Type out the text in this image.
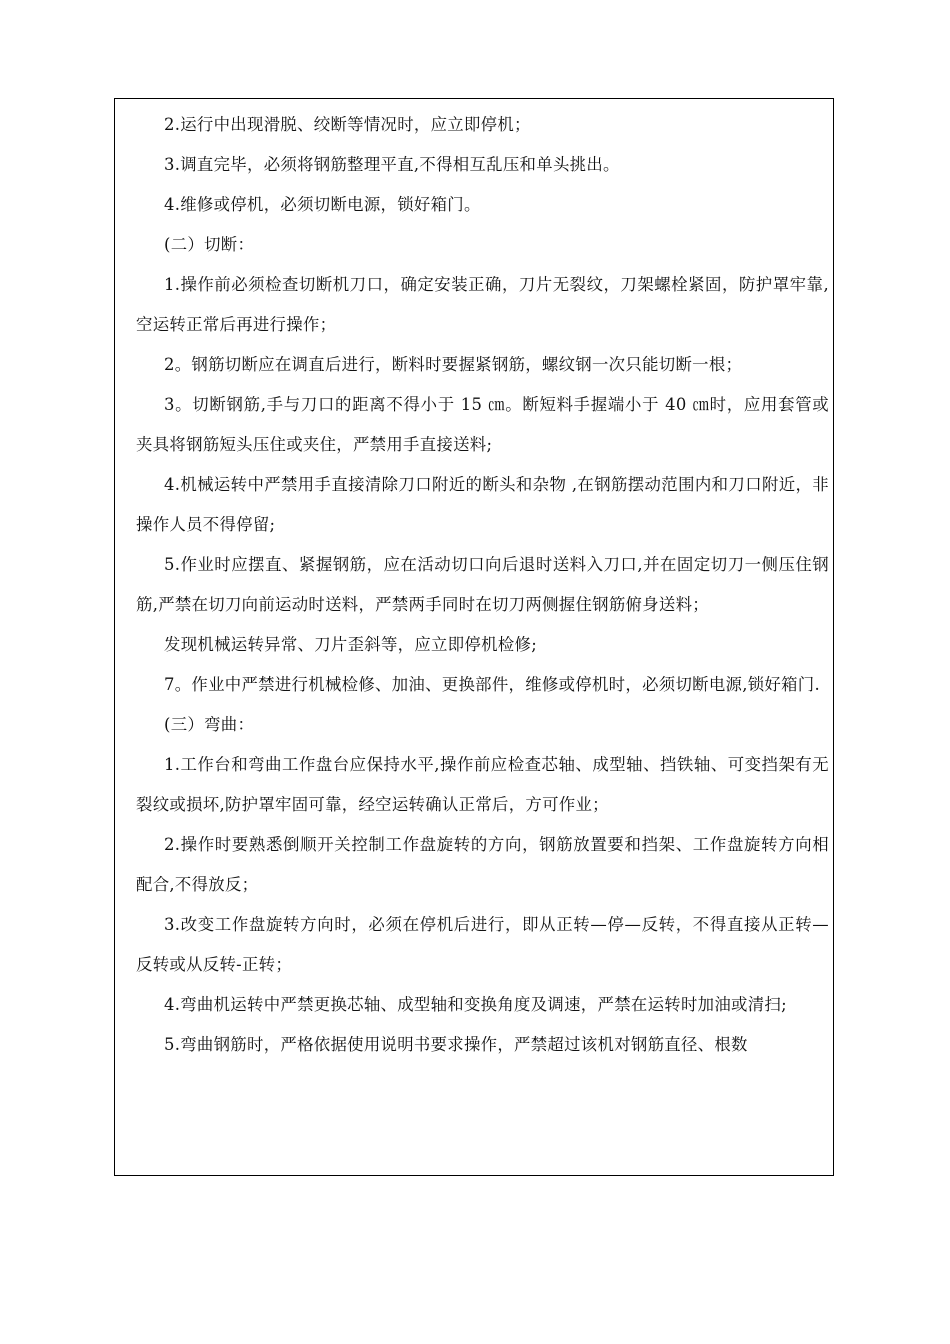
2.运行中出现滑脱、绞断等情况时，应立即停机；

3.调直完毕，必须将钢筋整理平直,不得相互乱压和单头挑出。

4.维修或停机，必须切断电源，锁好箱门。

(二）切断：

1.操作前必须检查切断机刀口，确定安装正确，刀片无裂纹，刀架螺栓紧固，防护罩牢靠,空运转正常后再进行操作；

2。钢筋切断应在调直后进行，断料时要握紧钢筋，螺纹钢一次只能切断一根；

3。切断钢筋,手与刀口的距离不得小于 15 ㎝。断短料手握端小于 40 ㎝时，应用套管或夹具将钢筋短头压住或夹住，严禁用手直接送料;

4.机械运转中严禁用手直接清除刀口附近的断头和杂物 ,在钢筋摆动范围内和刀口附近，非操作人员不得停留;

5.作业时应摆直、紧握钢筋，应在活动切口向后退时送料入刀口,并在固定切刀一侧压住钢筋,严禁在切刀向前运动时送料，严禁两手同时在切刀两侧握住钢筋俯身送料；

发现机械运转异常、刀片歪斜等，应立即停机检修;

7。作业中严禁进行机械检修、加油、更换部件，维修或停机时，必须切断电源,锁好箱门.

(三）弯曲：

1.工作台和弯曲工作盘台应保持水平,操作前应检查芯轴、成型轴、挡铁轴、可变挡架有无裂纹或损坏,防护罩牢固可靠，经空运转确认正常后，方可作业；

2.操作时要熟悉倒顺开关控制工作盘旋转的方向，钢筋放置要和挡架、工作盘旋转方向相配合,不得放反；

3.改变工作盘旋转方向时，必须在停机后进行，即从正转—停—反转，不得直接从正转—反转或从反转-正转；

4.弯曲机运转中严禁更换芯轴、成型轴和变换角度及调速，严禁在运转时加油或清扫;

5.弯曲钢筋时，严格依据使用说明书要求操作，严禁超过该机对钢筋直径、根数
